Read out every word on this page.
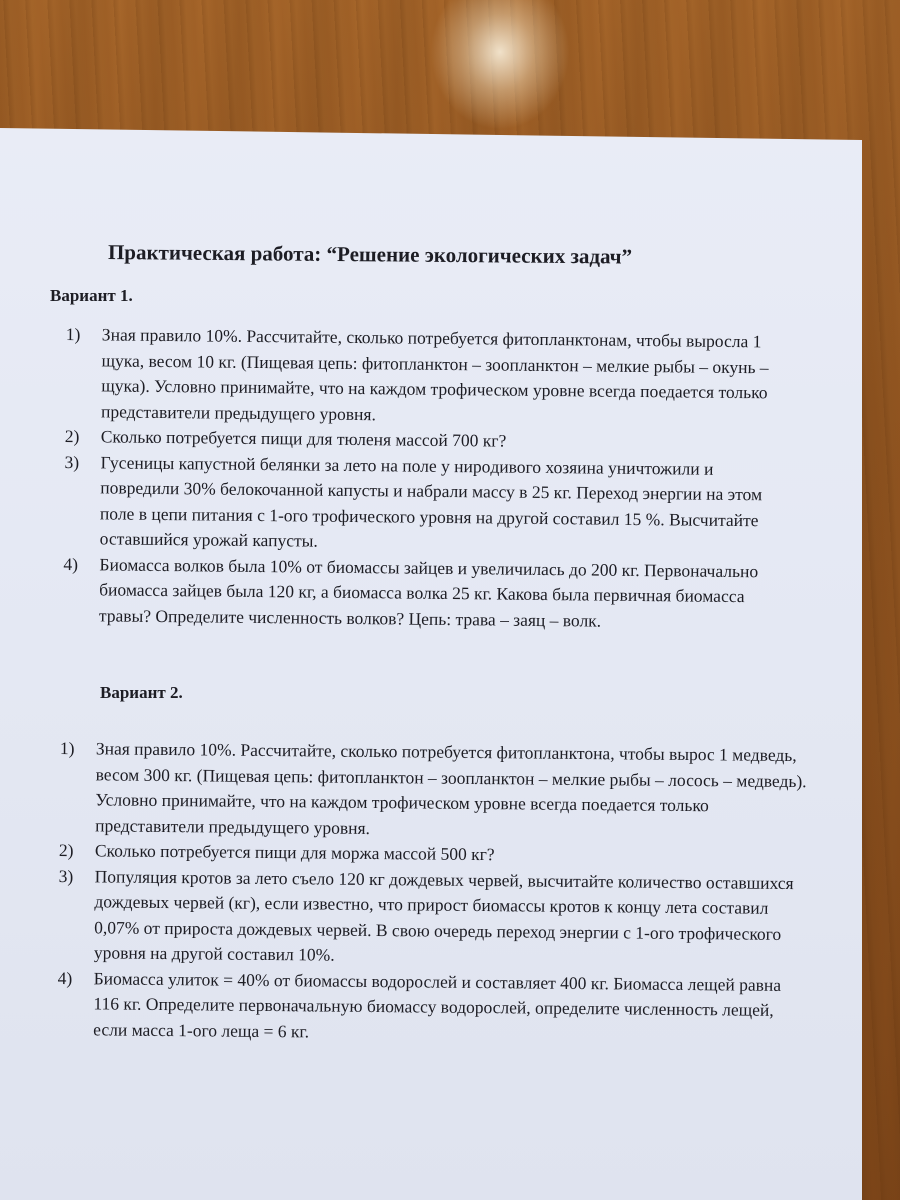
Практическая работа: “Решение экологических задач”
Вариант 1.
1) Зная правило 10%. Рассчитайте, сколько потребуется фитопланктонам, чтобы выросла 1 щука, весом 10 кг. (Пищевая цепь: фитопланктон – зоопланктон – мелкие рыбы – окунь – щука). Условно принимайте, что на каждом трофическом уровне всегда поедается только представители предыдущего уровня.
2) Сколько потребуется пищи для тюленя массой 700 кг?
3) Гусеницы капустной белянки за лето на поле у нирoдивого хозяина уничтожили и повредили 30% белокочанной капусты и набрали массу в 25 кг. Переход энергии на этом поле в цепи питания с 1-ого трофического уровня на другой составил 15 %. Высчитайте оставшийся урожай капусты.
4) Биомасса волков была 10% от биомассы зайцев и увеличилась до 200 кг. Первоначально биомасса зайцев была 120 кг, а биомасса волка 25 кг. Какова была первичная биомасса травы? Определите численность волков? Цепь: трава – заяц – волк.
Вариант 2.
1) Зная правило 10%. Рассчитайте, сколько потребуется фитопланктона, чтобы вырос 1 медведь, весом 300 кг. (Пищевая цепь: фитопланктон – зоопланктон – мелкие рыбы – лосось – медведь). Условно принимайте, что на каждом трофическом уровне всегда поедается только представители предыдущего уровня.
2) Сколько потребуется пищи для моржа массой 500 кг?
3) Популяция кротов за лето съело 120 кг дождевых червей, высчитайте количество оставшихся дождевых червей (кг), если известно, что прирост биомассы кротов к концу лета составил 0,07% от прироста дождевых червей. В свою очередь переход энергии с 1-ого трофического уровня на другой составил 10%.
4) Биомасса улиток = 40% от биомассы водорослей и составляет 400 кг. Биомасса лещей равна 116 кг. Определите первоначальную биомассу водорослей, определите численность лещей, если масса 1-ого леща = 6 кг.
